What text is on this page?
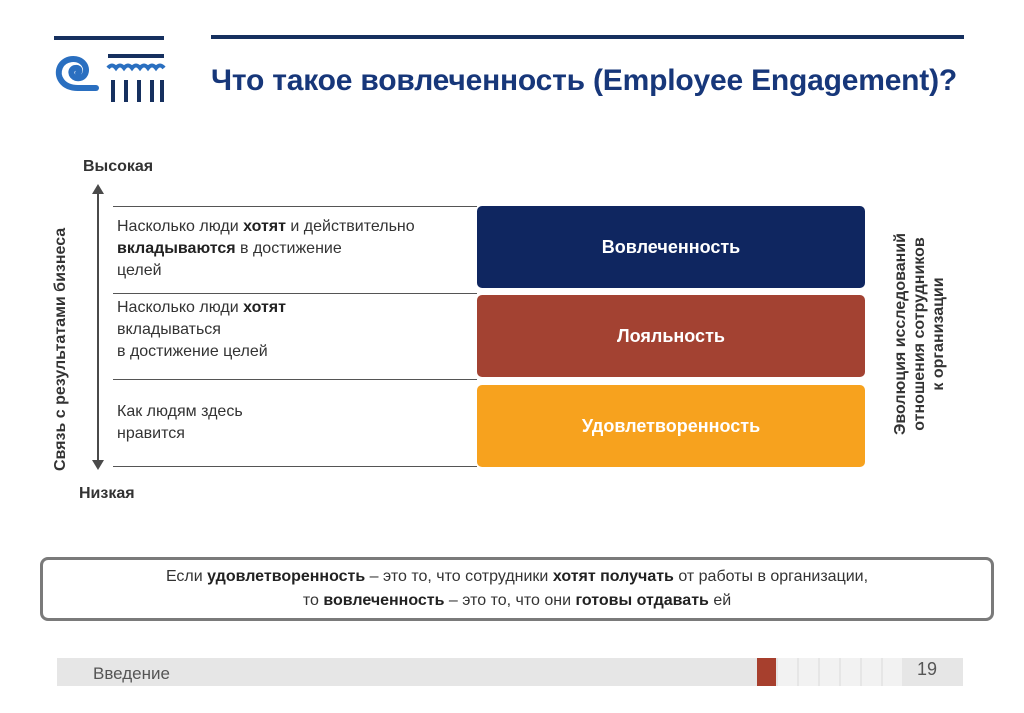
Что такое вовлеченность (Employee Engagement)?
Высокая
Низкая
Связь с результатами бизнеса	Эволюция исследований отношения сотрудников к организации
Насколько люди хотят и действительно
вкладываются в достижение
целей
Вовлеченность
Насколько люди хотят
вкладываться
в достижение целей
Лояльность
Как людям здесь
нравится	Удовлетворенность
Если удовлетворенность – это то, что сотрудники хотят получать от работы в организации,
то вовлеченность – это то, что они готовы отдавать ей
Введение	19
